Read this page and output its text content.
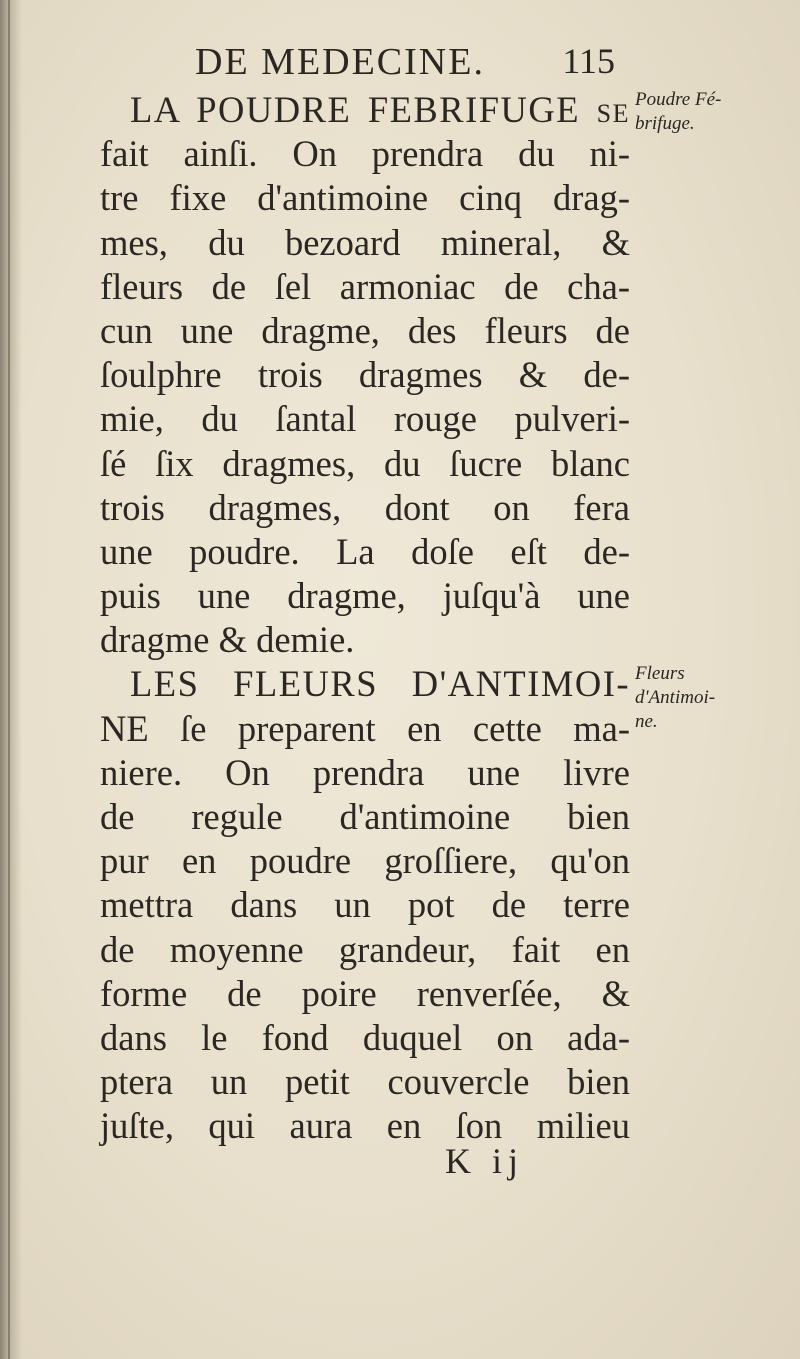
DE MEDECINE. 115
LA POUDRE FEBRIFUGE ſe
fait ainſi. On prendra du ni-
tre fixe d'antimoine cinq drag-
mes, du bezoard mineral, &
fleurs de ſel armoniac de cha-
cun une dragme, des fleurs de
ſoulphre trois dragmes & de-
mie, du ſantal rouge pulveri-
ſé ſix dragmes, du ſucre blanc
trois dragmes, dont on fera
une poudre. La doſe eſt de-
puis une dragme, juſqu'à une
dragme & demie.
LES FLEURS D'ANTIMOI-
NE ſe preparent en cette ma-
niere. On prendra une livre
de regule d'antimoine bien
pur en poudre groſſiere, qu'on
mettra dans un pot de terre
de moyenne grandeur, fait en
forme de poire renverſée, &
dans le fond duquel on ada-
ptera un petit couvercle bien
juſte, qui aura en ſon milieu
Poudre Fé-
brifuge.
Fleurs
d'Antimoi-
ne.
K ij
